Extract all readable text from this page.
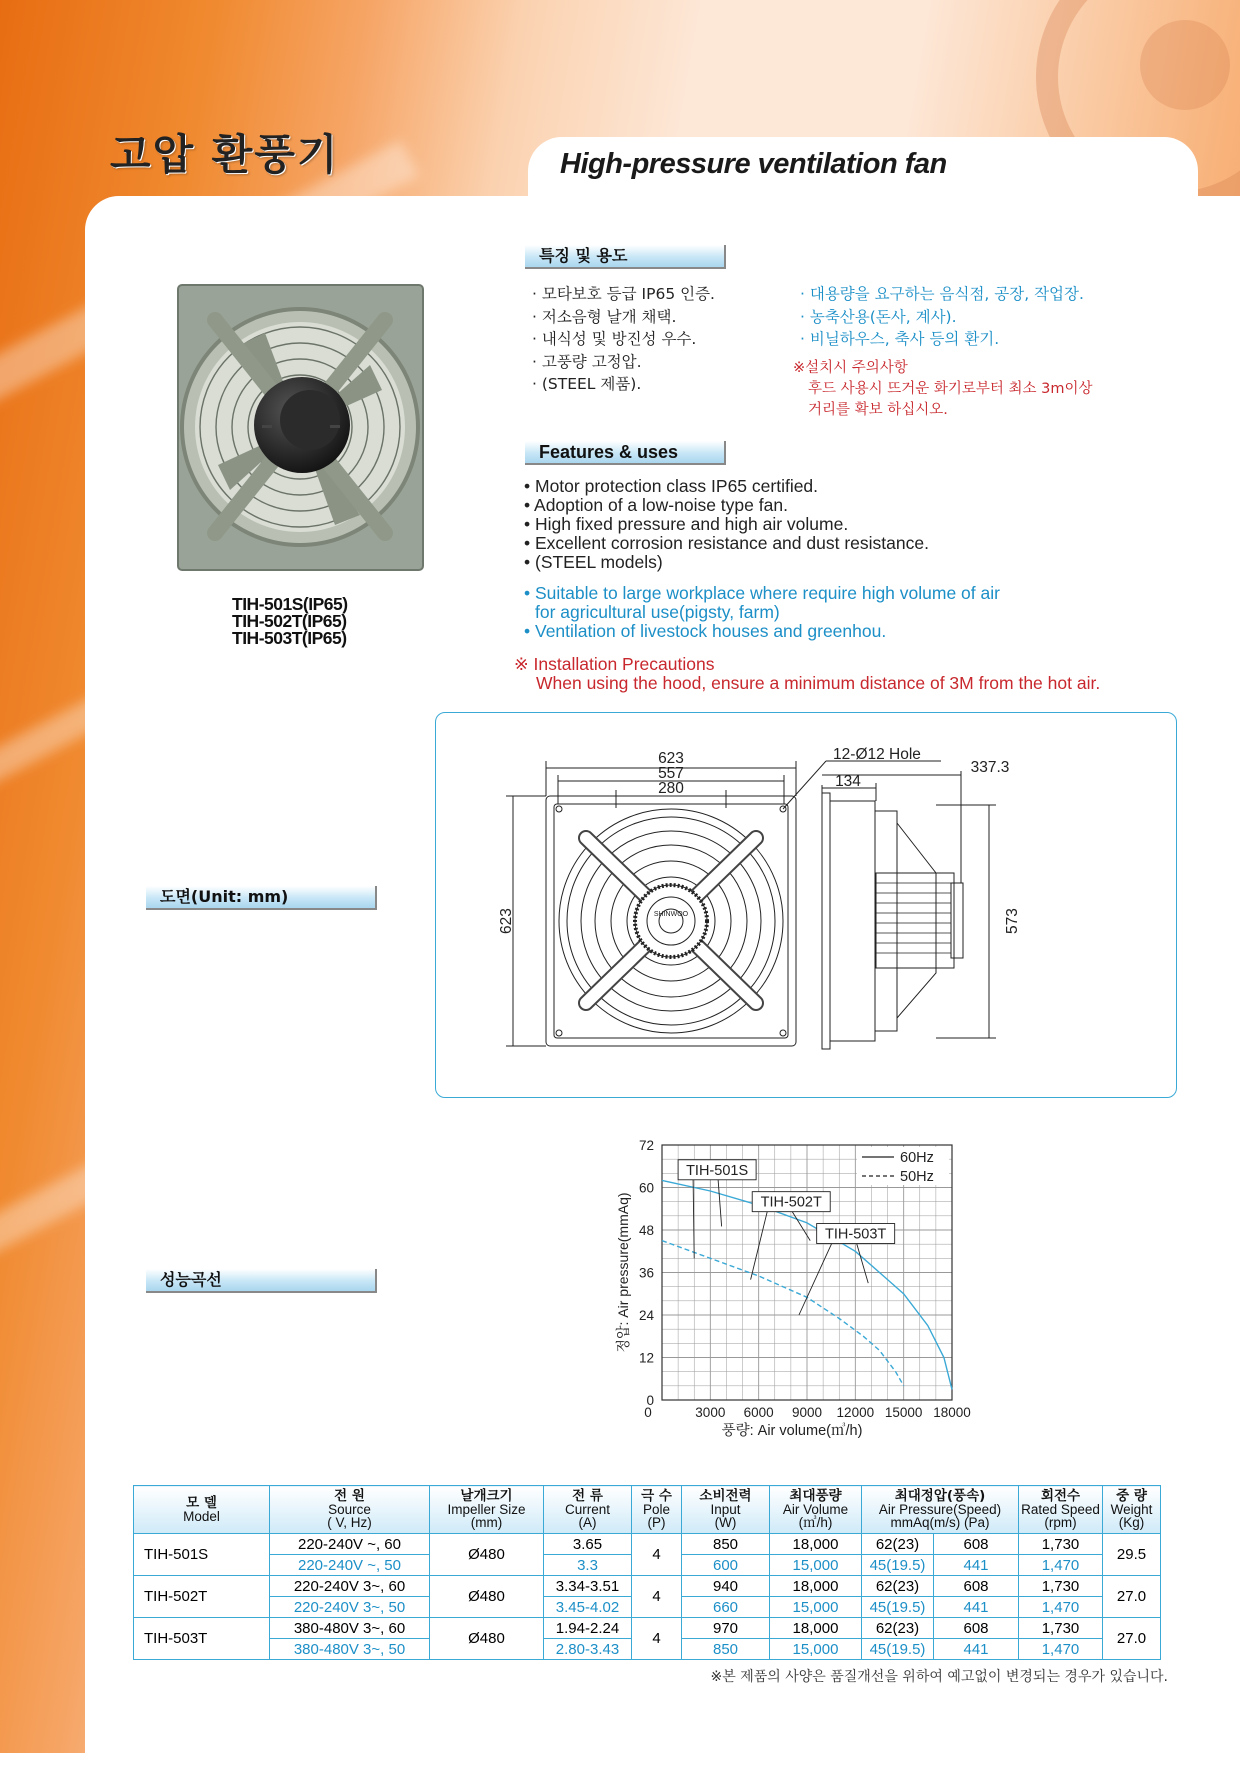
고압 환풍기	High-pressure ventilation fan
TIH-501S(IP65)
TIH-502T(IP65)
TIH-503T(IP65)
특징 및 용도
· 모타보호 등급 IP65 인증.
· 저소음형 날개 채택.
· 내식성 및 방진성 우수.
· 고풍량 고정압.
· (STEEL 제품).
· 대용량을 요구하는 음식점, 공장, 작업장.
· 농축산용(돈사, 계사).
· 비닐하우스, 축사 등의 환기.
※설치시 주의사항
후드 사용시 뜨거운 화기로부터 최소 3m이상
거리를 확보 하십시오.
Features & uses
• Motor protection class IP65 certified.
• Adoption of a low-noise type fan.
• High fixed pressure and high air volume.
• Excellent corrosion resistance and dust resistance.
• (STEEL models)
• Suitable to large workplace where require high volume of air
for agricultural use(pigsty, farm)
• Ventilation of livestock houses and greenhou.
※ Installation Precautions
When using the hood, ensure a minimum distance of 3M from the hot air.
도면(Unit: mm)
623
557
280
12-Ø12 Hole
337.3
134
623	573
SHINWOO
성능곡선
0	3000 6000 9000 12000 15000 18000
0
12
24
36
48
60
72
풍량: Air volume(㎥/h)
정압: Air pressure(mmAq)
60Hz
50Hz
TIH-501S
TIH-502T
TIH-503T
모 델
Model	전 원
Source
( V, Hz)	날개크기
Impeller Size
(mm)	전 류
Current
(A)	극 수
Pole
(P)	소비전력
Input
(W)	최대풍량
Air Volume
(㎥/h)	최대정압(풍속)
Air Pressure(Speed)
mmAq(m/s) (Pa)		회전수
Rated Speed
(rpm)	중 량
Weight
(Kg)
TIH-501S	220-240V ~, 60	Ø480	3.65	4	850	18,000	62(23)	608	1,730	29.5
	220-240V ~, 50		3.3		600	15,000	45(19.5)	441	1,470	
TIH-502T	220-240V 3~, 60	Ø480	3.34-3.51	4	940	18,000	62(23)	608	1,730	27.0
	220-240V 3~, 50		3.45-4.02		660	15,000	45(19.5)	441	1,470	
TIH-503T	380-480V 3~, 60	Ø480	1.94-2.24	4	970	18,000	62(23)	608	1,730	27.0
	380-480V 3~, 50		2.80-3.43		850	15,000	45(19.5)	441	1,470	
※본 제품의 사양은 품질개선을 위하여 예고없이 변경되는 경우가 있습니다.
